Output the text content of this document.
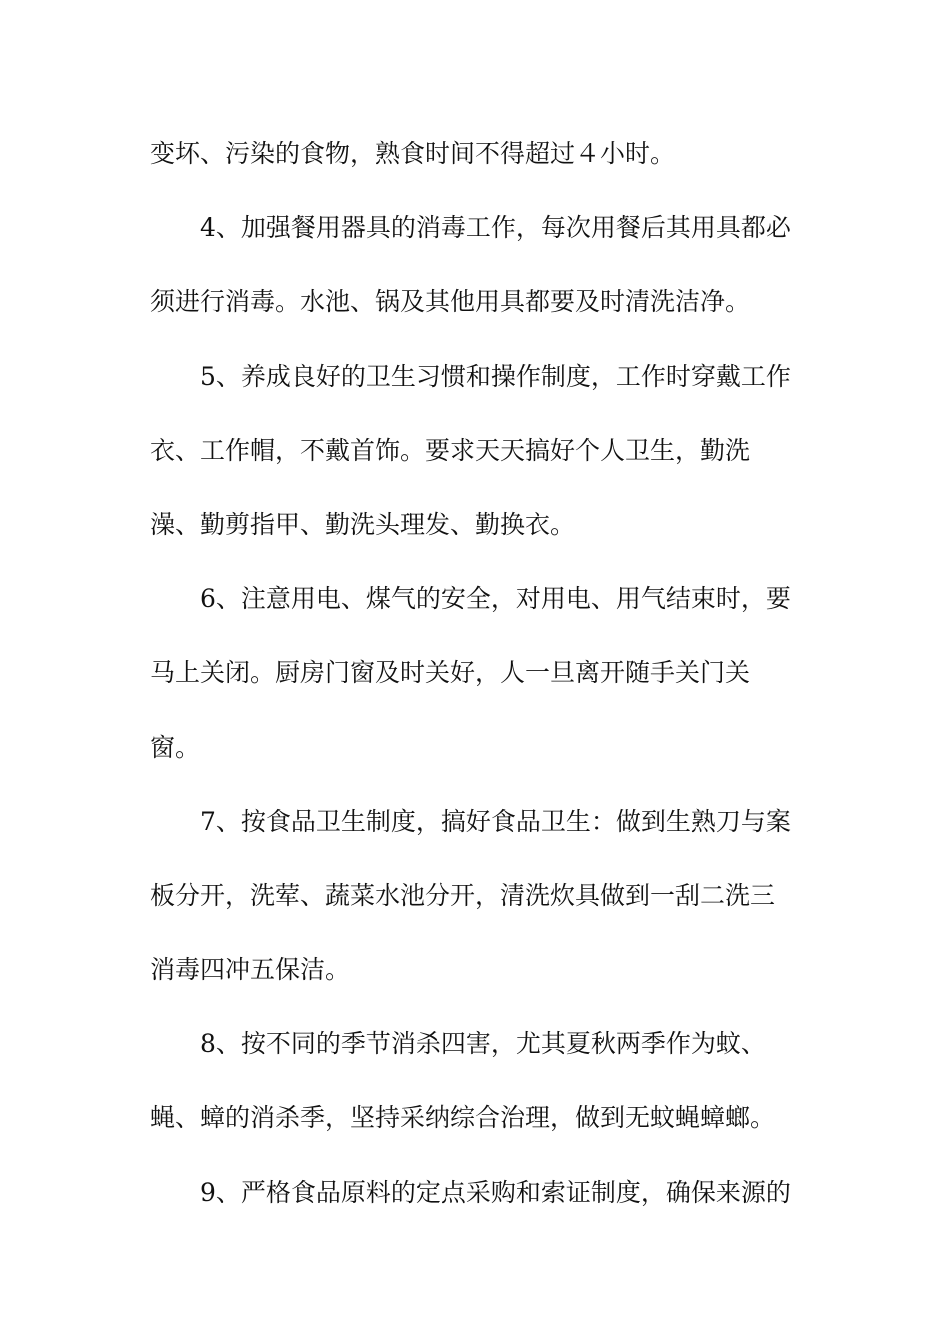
变坏、污染的食物，熟食时间不得超过４小时。
4、加强餐用器具的消毒工作，每次用餐后其用具都必
须进行消毒。水池、锅及其他用具都要及时清洗洁净。
5、养成良好的卫生习惯和操作制度，工作时穿戴工作
衣、工作帽，不戴首饰。要求天天搞好个人卫生，勤洗
澡、勤剪指甲、勤洗头理发、勤换衣。
6、注意用电、煤气的安全，对用电、用气结束时，要
马上关闭。厨房门窗及时关好，人一旦离开随手关门关
窗。
7、按食品卫生制度，搞好食品卫生：做到生熟刀与案
板分开，洗荤、蔬菜水池分开，清洗炊具做到一刮二洗三
消毒四冲五保洁。
8、按不同的季节消杀四害，尤其夏秋两季作为蚊、
蝇、蟑的消杀季，坚持采纳综合治理，做到无蚊蝇蟑螂。
9、严格食品原料的定点采购和索证制度，确保来源的
